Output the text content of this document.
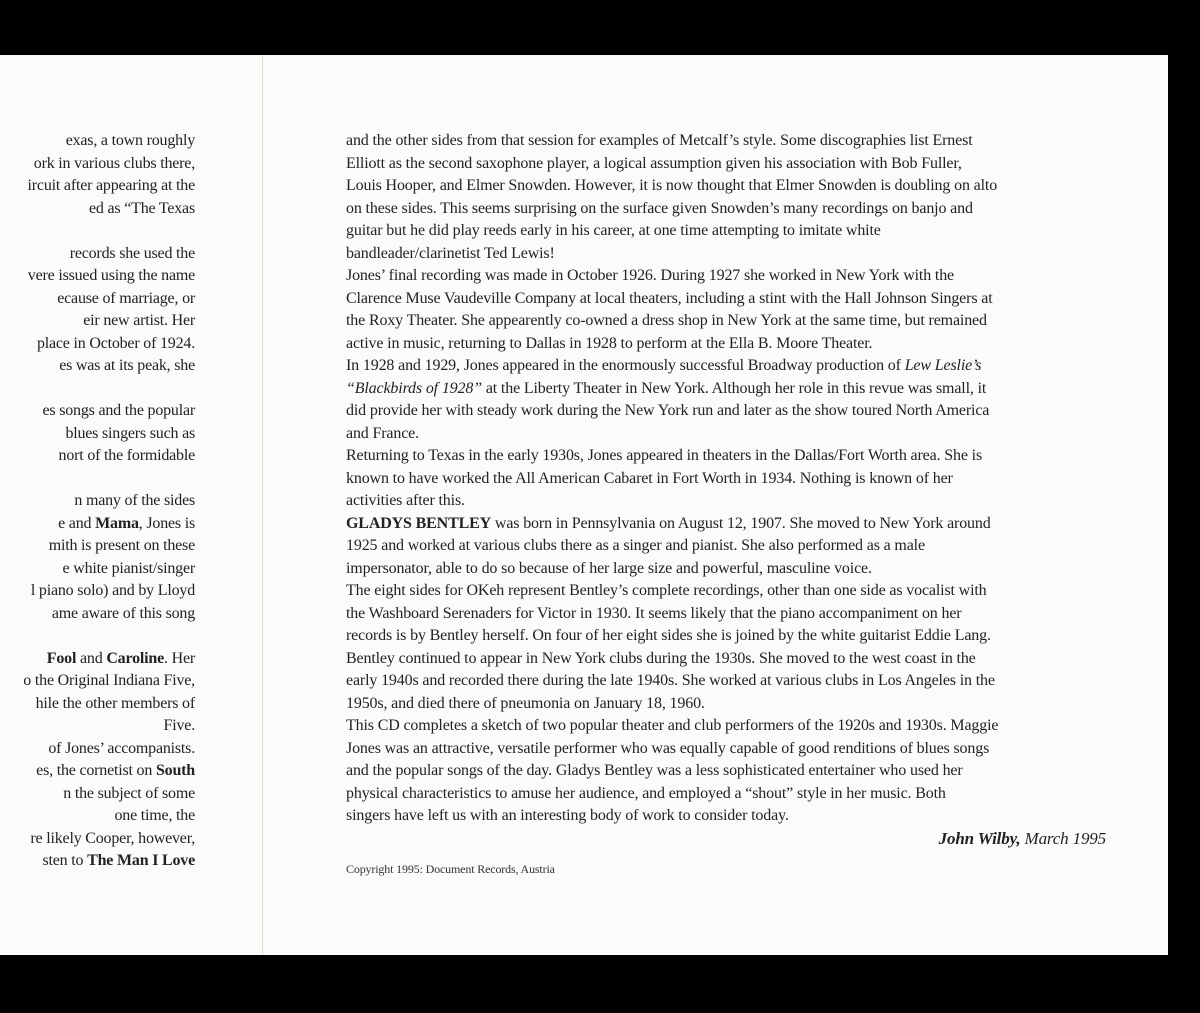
exas, a town roughly
ork in various clubs there,
ircuit after appearing at the
ed as “The Texas
records she used the
vere issued using the name
ecause of marriage, or
eir new artist. Her
place in October of 1924.
es was at its peak, she
es songs and the popular
blues singers such as
nort of the formidable
n many of the sides
e and Mama, Jones is
mith is present on these
e white pianist/singer
l piano solo) and by Lloyd
ame aware of this song
Fool and Caroline. Her
o the Original Indiana Five,
hile the other members of
Five.
of Jones’ accompanists.
es, the cornetist on South
n the subject of some
one time, the
re likely Cooper, however,
sten to The Man I Love
and the other sides from that session for examples of Metcalf’s style. Some discographies list Ernest
Elliott as the second saxophone player, a logical assumption given his association with Bob Fuller,
Louis Hooper, and Elmer Snowden. However, it is now thought that Elmer Snowden is doubling on alto
on these sides. This seems surprising on the surface given Snowden’s many recordings on banjo and
guitar but he did play reeds early in his career, at one time attempting to imitate white
bandleader/clarinetist Ted Lewis!
Jones’ final recording was made in October 1926. During 1927 she worked in New York with the
Clarence Muse Vaudeville Company at local theaters, including a stint with the Hall Johnson Singers at
the Roxy Theater. She appearently co-owned a dress shop in New York at the same time, but remained
active in music, returning to Dallas in 1928 to perform at the Ella B. Moore Theater.
In 1928 and 1929, Jones appeared in the enormously successful Broadway production of Lew Leslie’s
“Blackbirds of 1928” at the Liberty Theater in New York. Although her role in this revue was small, it
did provide her with steady work during the New York run and later as the show toured North America
and France.
Returning to Texas in the early 1930s, Jones appeared in theaters in the Dallas/Fort Worth area. She is
known to have worked the All American Cabaret in Fort Worth in 1934. Nothing is known of her
activities after this.
GLADYS BENTLEY was born in Pennsylvania on August 12, 1907. She moved to New York around
1925 and worked at various clubs there as a singer and pianist. She also performed as a male
impersonator, able to do so because of her large size and powerful, masculine voice.
The eight sides for OKeh represent Bentley’s complete recordings, other than one side as vocalist with
the Washboard Serenaders for Victor in 1930. It seems likely that the piano accompaniment on her
records is by Bentley herself. On four of her eight sides she is joined by the white guitarist Eddie Lang.
Bentley continued to appear in New York clubs during the 1930s. She moved to the west coast in the
early 1940s and recorded there during the late 1940s. She worked at various clubs in Los Angeles in the
1950s, and died there of pneumonia on January 18, 1960.
This CD completes a sketch of two popular theater and club performers of the 1920s and 1930s. Maggie
Jones was an attractive, versatile performer who was equally capable of good renditions of blues songs
and the popular songs of the day. Gladys Bentley was a less sophisticated entertainer who used her
physical characteristics to amuse her audience, and employed a “shout” style in her music. Both
singers have left us with an interesting body of work to consider today.
John Wilby, March 1995
Copyright 1995: Document Records, Austria
